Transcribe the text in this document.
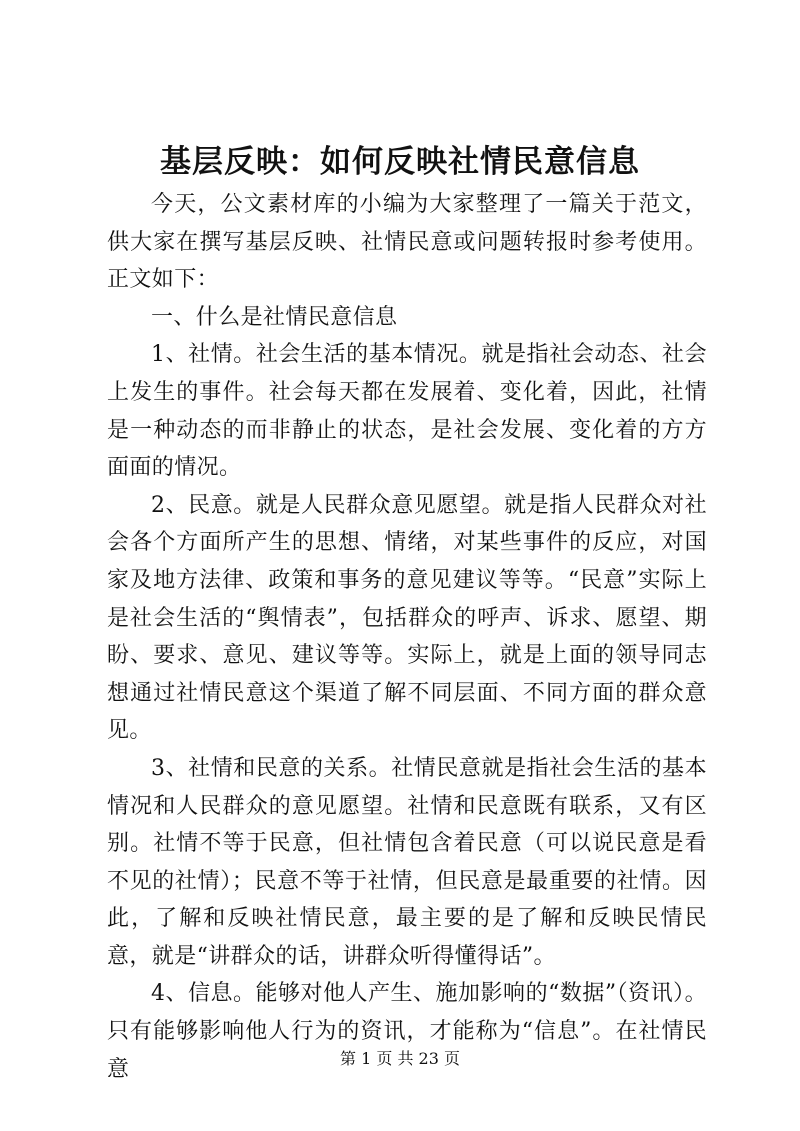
基层反映：如何反映社情民意信息

今天，公文素材库的小编为大家整理了一篇关于范文，供大家在撰写基层反映、社情民意或问题转报时参考使用。正文如下：

一、什么是社情民意信息

1、社情。社会生活的基本情况。就是指社会动态、社会上发生的事件。社会每天都在发展着、变化着，因此，社情是一种动态的而非静止的状态，是社会发展、变化着的方方面面的情况。

2、民意。就是人民群众意见愿望。就是指人民群众对社会各个方面所产生的思想、情绪，对某些事件的反应，对国家及地方法律、政策和事务的意见建议等等。“民意”实际上是社会生活的“舆情表”，包括群众的呼声、诉求、愿望、期盼、要求、意见、建议等等。实际上，就是上面的领导同志想通过社情民意这个渠道了解不同层面、不同方面的群众意见。

3、社情和民意的关系。社情民意就是指社会生活的基本情况和人民群众的意见愿望。社情和民意既有联系，又有区别。社情不等于民意，但社情包含着民意（可以说民意是看不见的社情）；民意不等于社情，但民意是最重要的社情。因此，了解和反映社情民意，最主要的是了解和反映民情民意，就是“讲群众的话，讲群众听得懂得话”。

4、信息。能够对他人产生、施加影响的“数据”（资讯）。只有能够影响他人行为的资讯，才能称为“信息”。在社情民意	第 1 页 共 23 页
